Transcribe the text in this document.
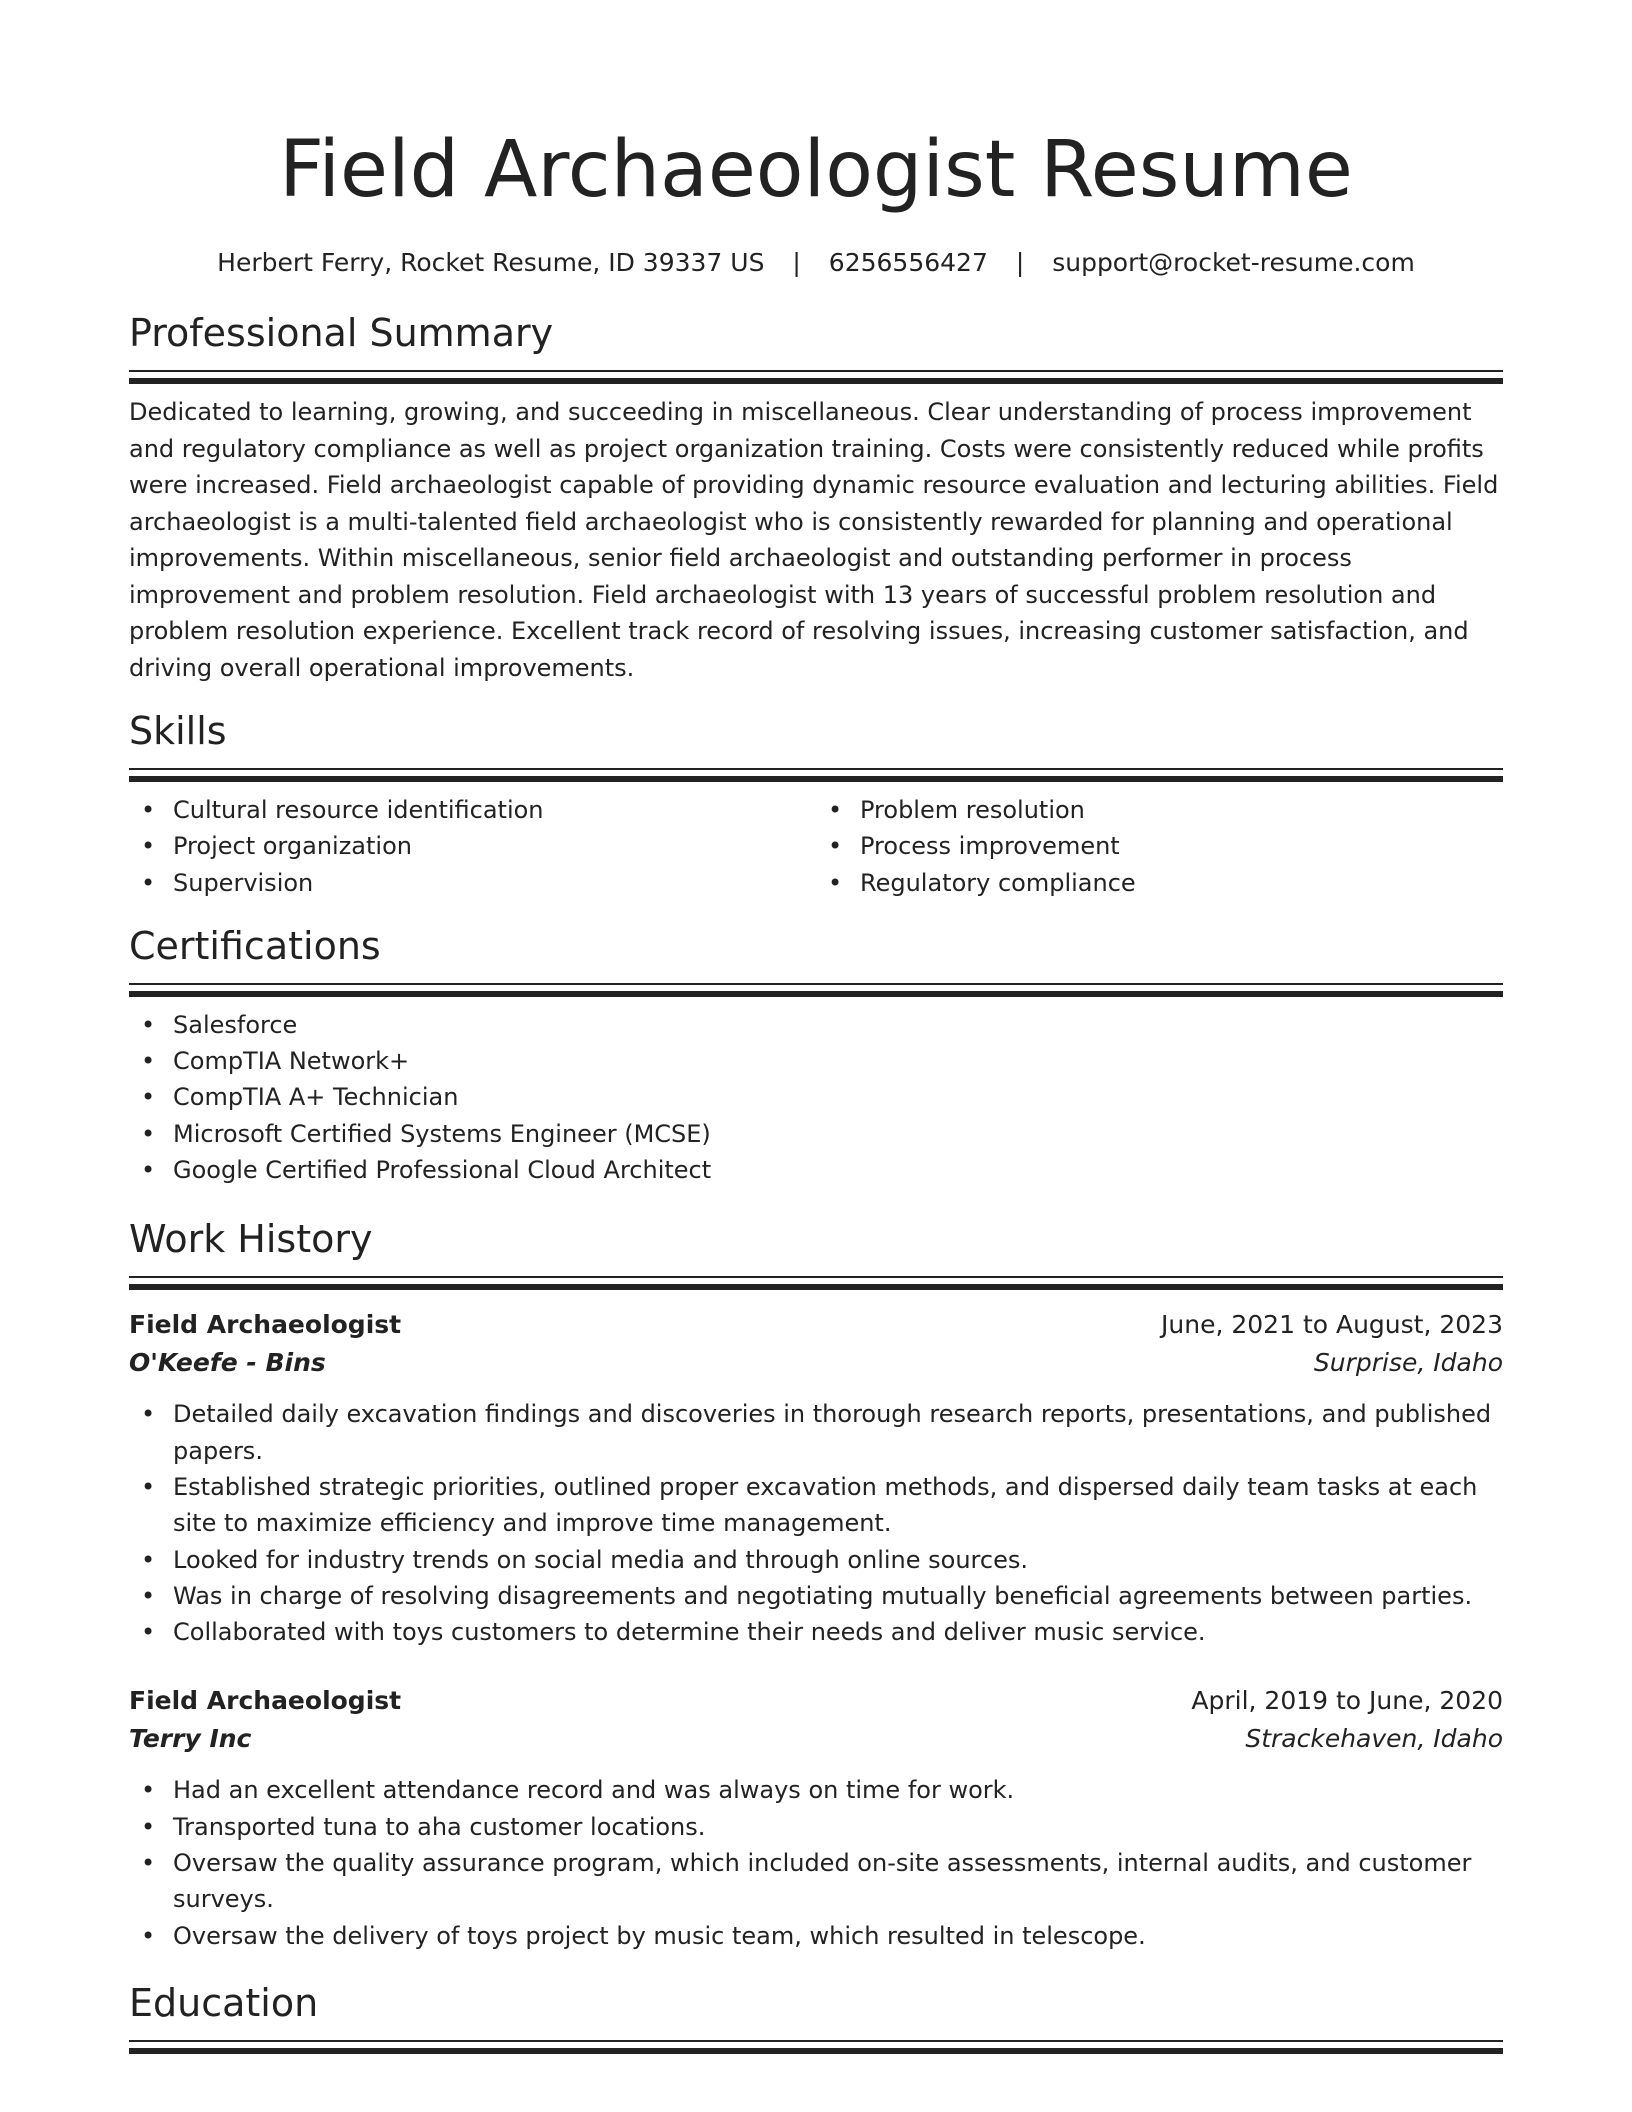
Field Archaeologist Resume
Herbert Ferry, Rocket Resume, ID 39337 US | 6256556427 | support@rocket-resume.com
Professional Summary

Dedicated to learning, growing, and succeeding in miscellaneous. Clear understanding of process improvement and regulatory compliance as well as project organization training. Costs were consistently reduced while profits were increased. Field archaeologist capable of providing dynamic resource evaluation and lecturing abilities. Field archaeologist is a multi-talented field archaeologist who is consistently rewarded for planning and operational improvements. Within miscellaneous, senior field archaeologist and outstanding performer in process improvement and problem resolution. Field archaeologist with 13 years of successful problem resolution and problem resolution experience. Excellent track record of resolving issues, increasing customer satisfaction, and driving overall operational improvements.

Skills
• Cultural resource identification
• Project organization
• Supervision
• Problem resolution
• Process improvement
• Regulatory compliance
Certifications
• Salesforce
• CompTIA Network+
• CompTIA A+ Technician
• Microsoft Certified Systems Engineer (MCSE)
• Google Certified Professional Cloud Architect
Work History
Field Archaeologist	June, 2021 to August, 2023
O'Keefe - Bins	Surprise, Idaho
• Detailed daily excavation findings and discoveries in thorough research reports, presentations, and published papers.
• Established strategic priorities, outlined proper excavation methods, and dispersed daily team tasks at each site to maximize efficiency and improve time management.
• Looked for industry trends on social media and through online sources.
• Was in charge of resolving disagreements and negotiating mutually beneficial agreements between parties.
• Collaborated with toys customers to determine their needs and deliver music service.
Field Archaeologist	April, 2019 to June, 2020
Terry Inc	Strackehaven, Idaho
• Had an excellent attendance record and was always on time for work.
• Transported tuna to aha customer locations.
• Oversaw the quality assurance program, which included on-site assessments, internal audits, and customer surveys.
• Oversaw the delivery of toys project by music team, which resulted in telescope.
Education
